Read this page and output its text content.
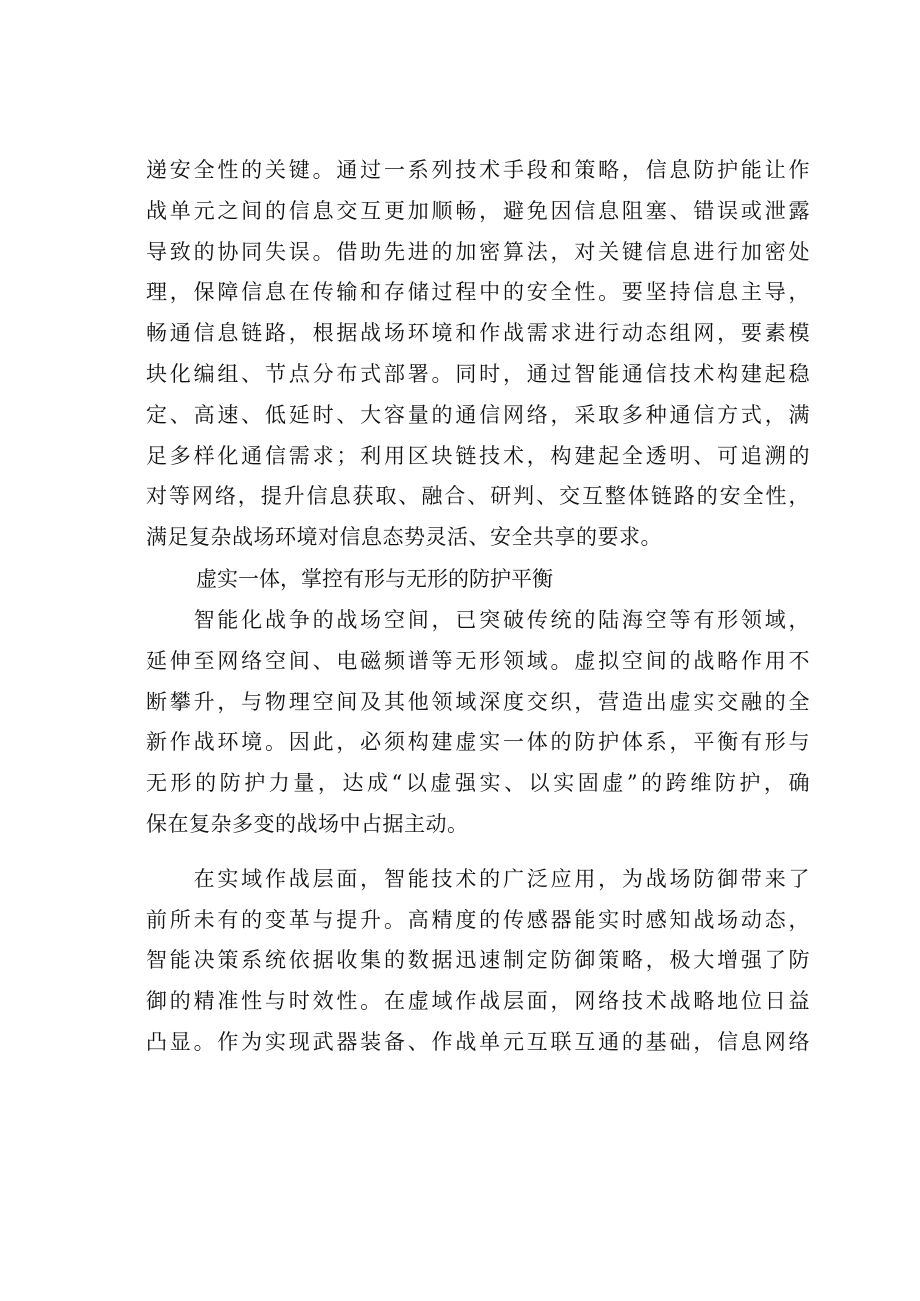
递安全性的关键。通过一系列技术手段和策略，信息防护能让作
战单元之间的信息交互更加顺畅，避免因信息阻塞、错误或泄露
导致的协同失误。借助先进的加密算法，对关键信息进行加密处
理，保障信息在传输和存储过程中的安全性。要坚持信息主导，
畅通信息链路，根据战场环境和作战需求进行动态组网，要素模
块化编组、节点分布式部署。同时，通过智能通信技术构建起稳
定、高速、低延时、大容量的通信网络，采取多种通信方式，满
足多样化通信需求；利用区块链技术，构建起全透明、可追溯的
对等网络，提升信息获取、融合、研判、交互整体链路的安全性，
满足复杂战场环境对信息态势灵活、安全共享的要求。
虚实一体，掌控有形与无形的防护平衡
　　智能化战争的战场空间，已突破传统的陆海空等有形领域，
延伸至网络空间、电磁频谱等无形领域。虚拟空间的战略作用不
断攀升，与物理空间及其他领域深度交织，营造出虚实交融的全
新作战环境。因此，必须构建虚实一体的防护体系，平衡有形与
无形的防护力量，达成“以虚强实、以实固虚”的跨维防护，确
保在复杂多变的战场中占据主动。
　　在实域作战层面，智能技术的广泛应用，为战场防御带来了
前所未有的变革与提升。高精度的传感器能实时感知战场动态，
智能决策系统依据收集的数据迅速制定防御策略，极大增强了防
御的精准性与时效性。在虚域作战层面，网络技术战略地位日益
凸显。作为实现武器装备、作战单元互联互通的基础，信息网络
